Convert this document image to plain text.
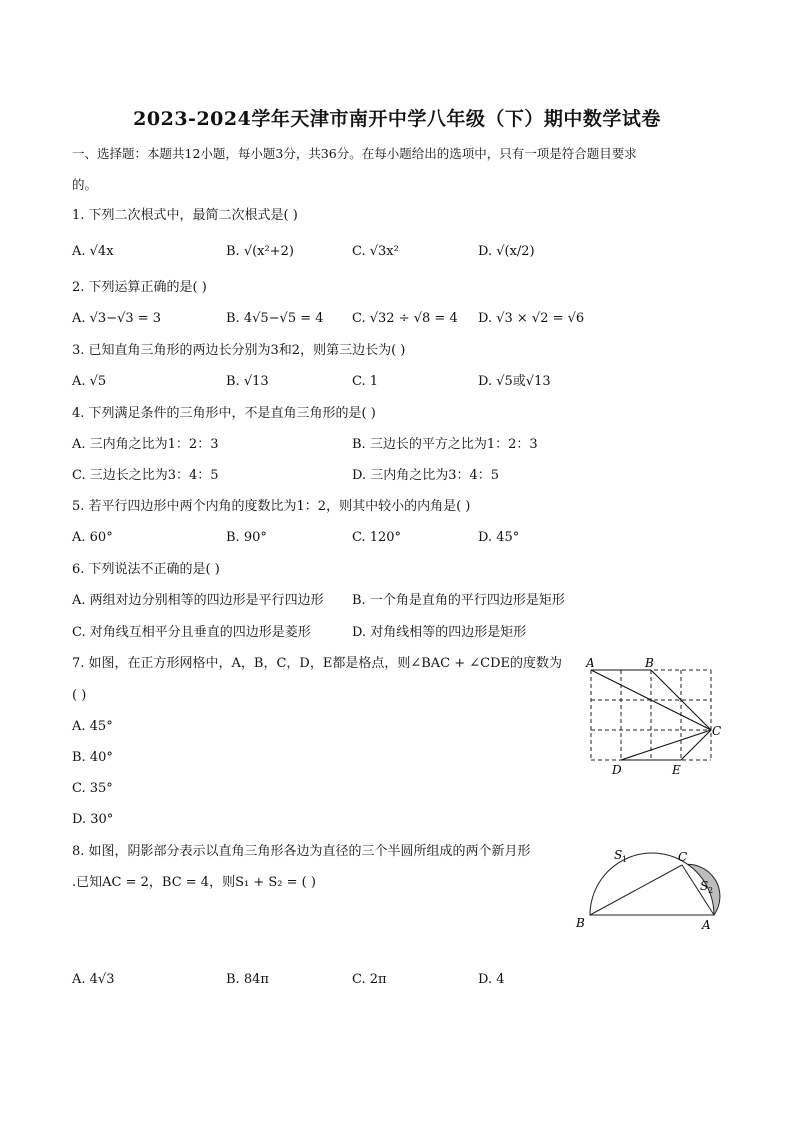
2023-2024学年天津市南开中学八年级（下）期中数学试卷
一、选择题：本题共12小题，每小题3分，共36分。在每小题给出的选项中，只有一项是符合题目要求
的。
1. 下列二次根式中，最简二次根式是( )
A. √4x	B. √(x²+2)	C. √3x²	D. √(x/2)
2. 下列运算正确的是( )
A. √3−√3 = 3	B. 4√5−√5 = 4 C. √32 ÷ √8 = 4 D. √3 × √2 = √6
3. 已知直角三角形的两边长分别为3和2，则第三边长为( )
A. √5	B. √13	C. 1	D. √5或√13
4. 下列满足条件的三角形中，不是直角三角形的是( )
A. 三内角之比为1：2：3	B. 三边长的平方之比为1：2：3
C. 三边长之比为3：4：5	D. 三内角之比为3：4：5
5. 若平行四边形中两个内角的度数比为1：2，则其中较小的内角是( )
A. 60°	B. 90°	C. 120°	D. 45°
6. 下列说法不正确的是( )
A. 两组对边分别相等的四边形是平行四边形 B. 一个角是直角的平行四边形是矩形
C. 对角线互相平分且垂直的四边形是菱形	D. 对角线相等的四边形是矩形
7. 如图，在正方形网格中，A，B，C，D，E都是格点，则∠BAC + ∠CDE的度数为
( )
A. 45°
B. 40°
C. 35°
D. 30°
A	B
C
D	E
8. 如图，阴影部分表示以直角三角形各边为直径的三个半圆所组成的两个新月形
.已知AC = 2，BC = 4，则S₁ + S₂ = ( )
B
C
A
S 1
S 2
A. 4√3	B. 84π	C. 2π	D. 4
